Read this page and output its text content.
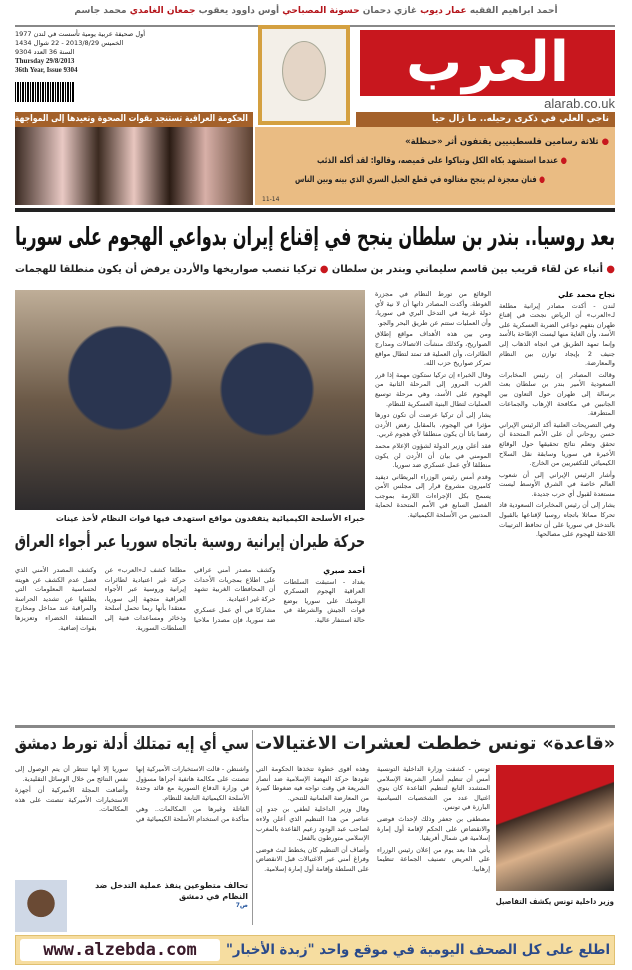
أحمد ابراهيم الفقيه عمار ديوب غازي دحمان حسونة المصباحي أوس داوود يعقوب جمعان الغامدي محمد جاسم
أول صحيفة عربية يومية تأسست في لندن 1977
الخميس 2013/8/29 - 22 شوال 1434
السنة 36 العدد 9304
Thursday 29/8/2013
36th Year, Issue 9304	العرب
alarab.co.uk
الحكومة العراقية تستنجد بقوات الصحوة وتعيدها إلى المواجهة
● ثلاثة رسامين فلسطينيين يقتفون أثر «حنظلة»
● عندما استشهد بكاه الكل وتباكوا على قميصه، وقالوا: لقد أكله الذئب
● فنان معجزة لم ينجح مغتالوه في قطع الحبل السري الذي بينه وبين الناس
ناجي العلي في ذكرى رحيله.. ما زال حيا
11-14
بعد روسيا.. بندر بن سلطان ينجح في إقناع إيران بدواعي الهجوم على سوريا
● أنباء عن لقاء قريب بين قاسم سليماني وبندر بن سلطان ● تركيا تنصب صواريخها والأردن يرفض أن يكون منطلقا للهجمات
خبراء الأسلحة الكيميائية يتفقدون مواقع استهدف فيها قوات النظام لأخذ عينات
حركة طيران إيرانية روسية باتجاه سوريا عبر أجواء العراق

نجاح محمد علي

لندن - أكدت مصادر إيرانية مطلعة لـ«العرب» أن الرياض نجحت في إقناع طهران بتفهم دواعي الضربة العسكرية على الأسد، وأن الغاية منها ليست الإطاحة بالأسد وإنما تمهد الطريق في اتجاه الذهاب إلى جنيف 2 بإيجاد توازن بين النظام والمعارضة.

وقالت المصادر إن رئيس المخابرات السعودية الأمير بندر بن سلطان بعث برسالة إلى طهران حول التعاون بين الجانبين في مكافحة الإرهاب والجماعات المتطرفة.

وفي التصريحات العلنية أكد الرئيس الإيراني حسن روحاني أن على الأمم المتحدة أن تحقق وتعلم نتائج تحقيقها حول الوقائع الأخيرة في سوريا وسابقة نقل السلاح الكيميائي للتكفيريين من الخارج.

وأشار الرئيس الإيراني إلى أن شعوب العالم خاصة في الشرق الأوسط ليست مستعدة لقبول أي حرب جديدة.

يشار إلى أن رئيس المخابرات السعودية قاد تحركا مماثلا باتجاه روسيا لإقناعها بالقبول بالتدخل في سوريا على أن تحافظ الترتيبات اللاحقة للهجوم على مصالحها.

الوقائع من تورط النظام في مجزرة الغوطة. وأكدت المصادر ذاتها أن لا نية لأي دولة غربية في التدخل البري في سوريا، وأن العمليات ستتم عن طريق البحر والجو.

ومن بين هذه الأهداف مواقع إطلاق الصواريخ، وكذلك منشآت الاتصالات ومدارج الطائرات، وأن العملية قد تمتد لتطال مواقع تمركز صواريخ حزب الله.

وقال الخبراء إن تركيا ستكون مهمة إذا قرر الغرب المرور إلى المرحلة الثانية من الهجوم على الأسد، وهي مرحلة توسيع العمليات لتطال البنية العسكرية للنظام.

يشار إلى أن تركيا عرضت أن تكون دورها مؤثرا في الهجوم، بالمقابل رفض الأردن رفضا باتا أن يكون منطلقا لأي هجوم غربي.

فقد أعلن وزير الدولة لشؤون الإعلام محمد المومني في بيان أن الأردن لن يكون منطلقا لأي عمل عسكري ضد سوريا.

وقدم أمس رئيس الوزراء البريطاني ديفيد كاميرون مشروع قرار إلى مجلس الأمن يسمح بكل الإجراءات اللازمة بموجب الفصل السابع في الأمم المتحدة لحماية المدنيين من الأسلحة الكيميائية.

أحمد صبري

بغداد - استبقت السلطات العراقية الهجوم العسكري الوشيك على سوريا بوضع قوات الجيش والشرطة في حالة استنفار عالية.

وكشف مصدر أمني عراقي على اطلاع بمجريات الأحداث أن المحافظات الغربية تشهد حركة غير اعتيادية.

مشاركا في أي عمل عسكري ضد سوريا، فإن مصدرا ملاحيا مطلعا كشف لـ«العرب» عن حركة غير اعتيادية لطائرات إيرانية وروسية عبر الأجواء العراقية متجهة إلى سوريا، معتقدا بأنها ربما تحمل أسلحة وذخائر ومساعدات فنية إلى السلطات السورية.

وكشف المصدر الأمني الذي فضل عدم الكشف عن هويته لحساسية المعلومات التي يطلقها عن تشديد الحراسة والمراقبة عند مداخل ومخارج المنطقة الخضراء وتعزيزها بقوات إضافية.

«قاعدة» تونس خططت لعشرات الاغتيالات
سي أي إيه تمتلك أدلة تورط دمشق

تونس - كشفت وزارة الداخلية التونسية أمس أن تنظيم أنصار الشريعة الإسلامي المتشدد التابع لتنظيم القاعدة كان ينوي اغتيال عدد من الشخصيات السياسية البارزة في تونس.

مصطفى بن جعفر وذلك لإحداث فوضى والانقضاض على الحكم لإقامة أول إمارة إسلامية في شمال أفريقيا.

يأتي هذا بعد يوم من إعلان رئيس الوزراء علي العريض تصنيف الجماعة تنظيما إرهابيا.

وهذه أقوى خطوة تتخذها الحكومة التي تقودها حركة النهضة الإسلامية ضد أنصار الشريعة في وقت تواجه فيه ضغوطا كبيرة من المعارضة العلمانية للتنحي.

وقال وزير الداخلية لطفي بن جدو إن عناصر من هذا التنظيم الذي أعلن ولاءه لصاحب عبد الودود زعيم القاعدة بالمغرب الإسلامي متورطون بالفعل.

وأضاف أن التنظيم كان يخطط لبث فوضى وفراغ أمني عبر الاغتيالات قبل الانقضاض على السلطة وإقامة أول إمارة إسلامية.

وزير داخلية تونس يكشف التفاصيل

واشنطن - قالت الاستخبارات الأميركية إنها تنصتت على مكالمة هاتفية أجراها مسؤول في وزارة الدفاع السورية مع قائد وحدة الأسلحة الكيميائية التابعة للنظام.

القاتلة وغيرها من المكالمات.. وهي متأكدة من استخدام الأسلحة الكيميائية في سوريا إلا أنها تنتظر أن يتم الوصول إلى نفس النتائج من خلال الوسائل التقليدية.

وأضافت المجلة الأميركية أن أجهزة الاستخبارات الأميركية تنصتت على هذه المكالمات.

تحالف متطوعين ينفذ عملية التدخل ضد النظام في دمشق
ص7
www.alzebda.com	اطلع على كل الصحف اليومية في موقع واحد "زبدة الأخبار"
